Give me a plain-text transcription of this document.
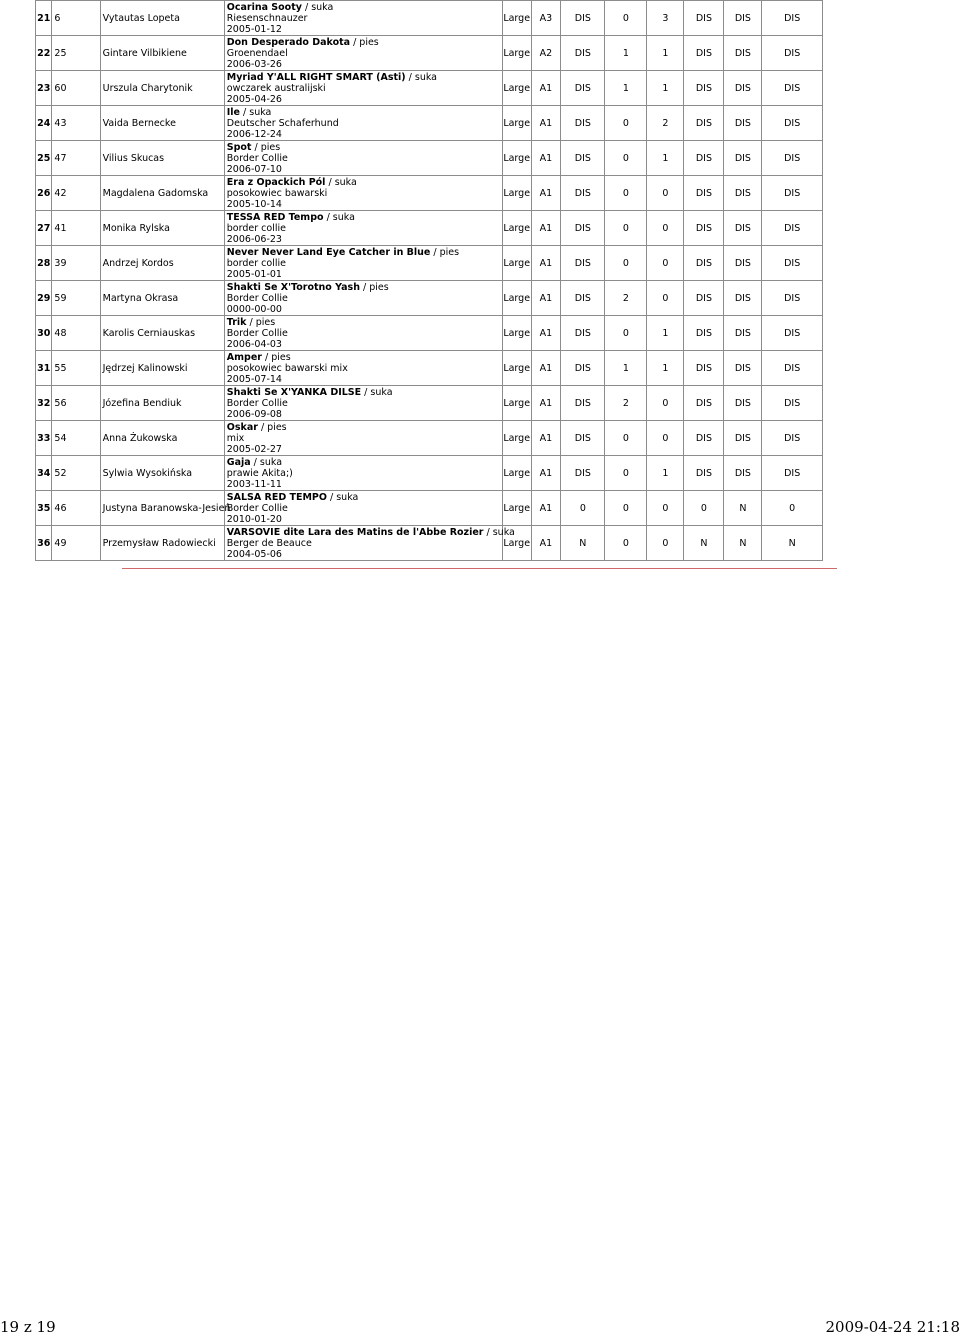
21	6	Vytautas Lopeta	Ocarina Sooty / suka
Riesenschnauzer
2005-01-12	Large	A3	DIS	0	3	DIS	DIS	DIS
22	25	Gintare Vilbikiene	Don Desperado Dakota / pies
Groenendael
2006-03-26	Large	A2	DIS	1	1	DIS	DIS	DIS
23	60	Urszula Charytonik	Myriad Y'ALL RIGHT SMART (Asti) / suka
owczarek australijski
2005-04-26	Large	A1	DIS	1	1	DIS	DIS	DIS
24	43	Vaida Bernecke	Ile / suka
Deutscher Schaferhund
2006-12-24	Large	A1	DIS	0	2	DIS	DIS	DIS
25	47	Vilius Skucas	Spot / pies
Border Collie
2006-07-10	Large	A1	DIS	0	1	DIS	DIS	DIS
26	42	Magdalena Gadomska	Era z Opackich Pól / suka
posokowiec bawarski
2005-10-14	Large	A1	DIS	0	0	DIS	DIS	DIS
27	41	Monika Rylska	TESSA RED Tempo / suka
border collie
2006-06-23	Large	A1	DIS	0	0	DIS	DIS	DIS
28	39	Andrzej Kordos	Never Never Land Eye Catcher in Blue / pies
border collie
2005-01-01	Large	A1	DIS	0	0	DIS	DIS	DIS
29	59	Martyna Okrasa	Shakti Se X'Torotno Yash / pies
Border Collie
0000-00-00	Large	A1	DIS	2	0	DIS	DIS	DIS
30	48	Karolis Cerniauskas	Trik / pies
Border Collie
2006-04-03	Large	A1	DIS	0	1	DIS	DIS	DIS
31	55	Jędrzej Kalinowski	Amper / pies
posokowiec bawarski mix
2005-07-14	Large	A1	DIS	1	1	DIS	DIS	DIS
32	56	Józefina Bendiuk	Shakti Se X'YANKA DILSE / suka
Border Collie
2006-09-08	Large	A1	DIS	2	0	DIS	DIS	DIS
33	54	Anna Żukowska	Oskar / pies
mix
2005-02-27	Large	A1	DIS	0	0	DIS	DIS	DIS
34	52	Sylwia Wysokińska	Gaja / suka
prawie Akita;)
2003-11-11	Large	A1	DIS	0	1	DIS	DIS	DIS
35	46	Justyna Baranowska-Jesień	SALSA RED TEMPO / suka
Border Collie
2010-01-20	Large	A1	0	0	0	0	N	0
36	49	Przemysław Radowiecki	VARSOVIE dite Lara des Matins de l'Abbe Rozier / suka
Berger de Beauce
2004-05-06	Large	A1	N	0	0	N	N	N
19 z 19	2009-04-24 21:18
